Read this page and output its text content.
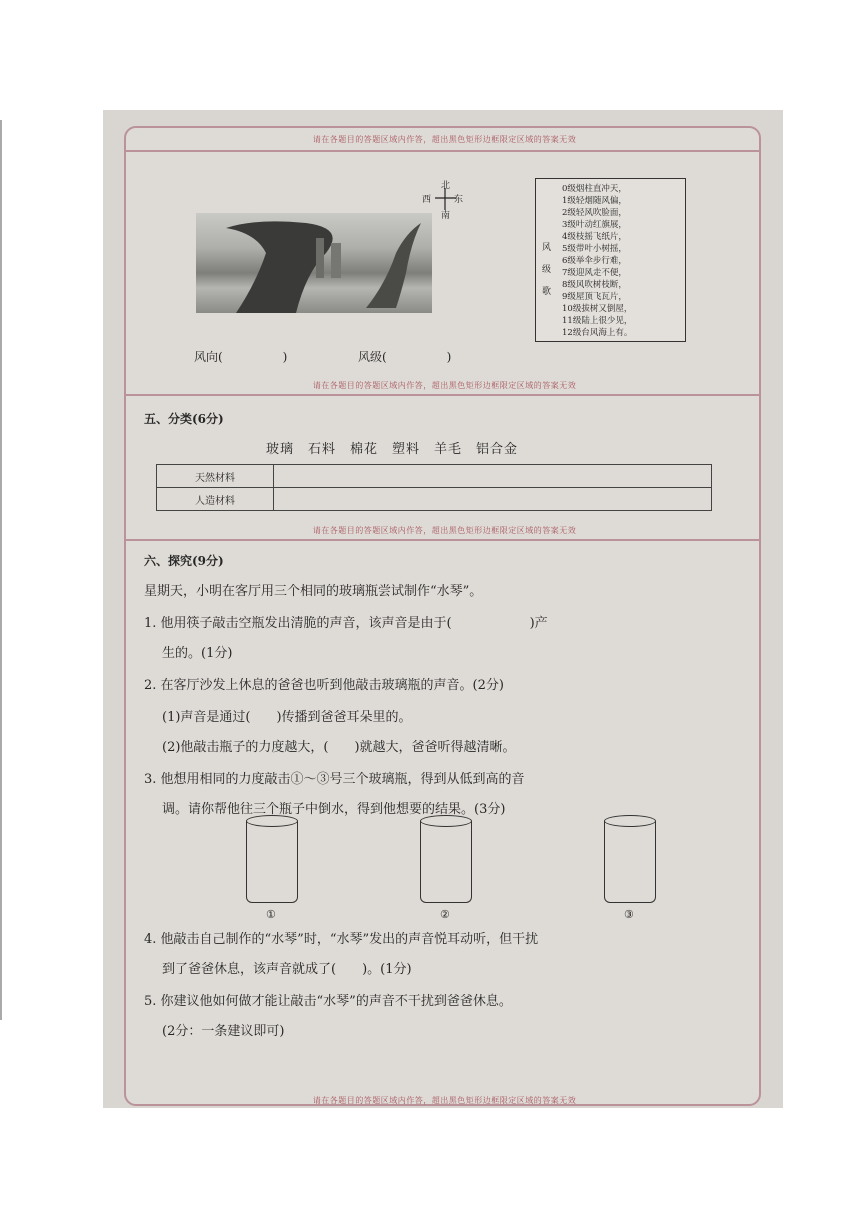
请在各题目的答题区域内作答，超出黑色矩形边框限定区域的答案无效
北
西	东
南
风级歌
0级烟柱直冲天，
1级轻烟随风偏，
2级轻风吹脸面，
3级叶动红旗展，
4级枝摇飞纸片，
5级带叶小树摇，
6级举伞步行难，
7级迎风走不便，
8级风吹树枝断，
9级屋顶飞瓦片，
10级拔树又倒屋，
11级陆上很少见，
12级台风海上有。
风向(　　　　　)	风级(　　　　　)
请在各题目的答题区域内作答，超出黑色矩形边框限定区域的答案无效
五、分类(6分)
玻璃　石料　棉花　塑料　羊毛　铝合金
天然材料	
人造材料	
请在各题目的答题区域内作答，超出黑色矩形边框限定区域的答案无效
六、探究(9分)
星期天，小明在客厅用三个相同的玻璃瓶尝试制作“水琴”。
1. 他用筷子敲击空瓶发出清脆的声音，该声音是由于(　　　　　　)产
生的。(1分)
2. 在客厅沙发上休息的爸爸也听到他敲击玻璃瓶的声音。(2分)
(1)声音是通过(　　)传播到爸爸耳朵里的。
(2)他敲击瓶子的力度越大，(　　)就越大，爸爸听得越清晰。
3. 他想用相同的力度敲击①～③号三个玻璃瓶，得到从低到高的音
调。请你帮他往三个瓶子中倒水，得到他想要的结果。(3分)
①	②	③
4. 他敲击自己制作的“水琴”时，“水琴”发出的声音悦耳动听，但干扰
到了爸爸休息，该声音就成了(　　)。(1分)
5. 你建议他如何做才能让敲击“水琴”的声音不干扰到爸爸休息。
(2分：一条建议即可)
请在各题目的答题区域内作答，超出黑色矩形边框限定区域的答案无效
